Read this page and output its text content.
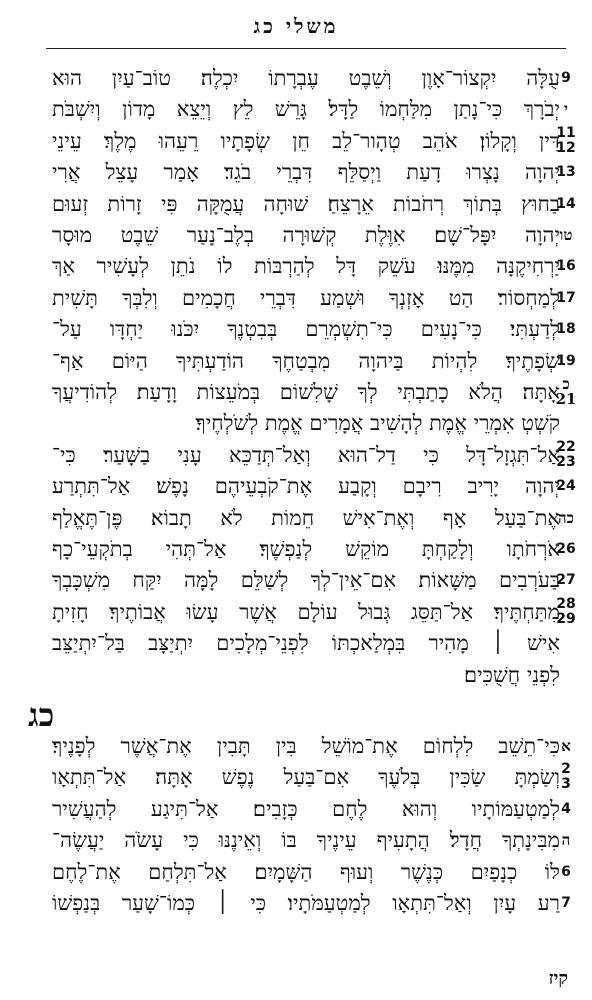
משלי כג
עֻלָּה יִקְצוֹר־אָוֶן וְשֵׁבֶט עֶבְרָתוֹ יִכְלֶה׃ טוֹב־עַיִן הוּא 9
יְבֹרָךְ כִּי־נָתַן מִלַּחְמוֹ לַדָּל׃ גָּרֵשׁ לֵץ וְיֵצֵא מָדוֹן וְיִשְׁבֹּת י
דִּין וְקָלוֹן׃ אֹהֵב טְהָור־לֵב חֵן שְׂפָתָיו רֵעֵהוּ מֶלֶךְ׃ עֵינֵי
11
12
יְהוָה נָצְרוּ דָעַת וַיְסַלֵּף דִּבְרֵי בֹגֵד׃ אָמַר עָצֵל אֲרִי
13
בַחוּץ בְּתוֹךְ רְחֹבוֹת אֵרָצֵחַ׃ שׁוּחָה עֲמֻקָּה פִּי זָרוֹת זְעוּם
14
יְהוָה יִפָּל־שָׁם׃ אִוֶּלֶת קְשׁוּרָה בְלֶב־נָעַר שֵׁבֶט מוּסָר טו
יַרְחִיקֶנָּה מִמֶּנּוּ׃ עֹשֵׁק דָּל לְהַרְבּוֹת לוֹ נֹתֵן לְעָשִׁיר אַךְ
16
לְמַחְסוֹר׃ הַט אָזְנְךָ וּשְׁמַע דִּבְרֵי חֲכָמִים וְלִבְּךָ תָּשִׁית
17
לְדַעְתִּי׃ כִּי־נָעִים כִּי־תִשְׁמְרֵם בְּבִטְנֶךָ יִכֹּנוּ יַחְדָּו עַל־
18
שְׂפָתֶיךָ׃ לִהְיוֹת בַּיהוָה מִבְטַחֶךָ הוֹדַעְתִּיךָ הַיּוֹם אַף־
19
אָתָּה׃ הֲלֹא כָתַבְתִּי לְךָ שָׁלִשׁוֹם בְּמֹעֵצוֹת וָדָעַת׃ לְהוֹדִיעֲךָ כ
21
קֹשְׁטְ אִמְרֵי אֱמֶת לְהָשִׁיב אֲמָרִים אֱמֶת לְשֹׁלְחֶיךָ׃
אַל־תִּגְזָל־דָּל כִּי דַל־הוּא וְאַל־תְּדַכֵּא עָנִי בַשָּׁעַר׃ כִּי־
22
23
יְהוָה יָרִיב רִיבָם וְקָבַע אֶת־קֹבְעֵיהֶם נָפֶשׁ׃ אַל־תִּתְרַע
24
אֶת־בַּעַל אָף וְאֶת־אִישׁ חֵמוֹת לֹא תָבוֹא׃ פֶּן־תֶּאֱלַף
כה
אֹרְחֹתָו וְלָקַחְתָּ מוֹקֵשׁ לְנַפְשֶׁךָ׃ אַל־תְּהִי בְתֹקְעֵי־כָף
26
בַּעֹרְבִים מַשָּׁאוֹת׃ אִם־אֵין־לְךָ לְשַׁלֵּם לָמָּה יִקַּח מִשְׁכָּבְךָ
27
מִתַּחְתֶּיךָ׃ אַל־תַּסֵּג גְּבוּל עוֹלָם אֲשֶׁר עָשׂוּ אֲבוֹתֶיךָ׃ חָזִיתָ
28
29
אִישׁ ׀ מָהִיר בִּמְלַאכְתּוֹ לִפְנֵי־מְלָכִים יִתְיַצָּב בַּל־יִתְיַצֵּב
לִפְנֵי חֲשֻׁכִּים׃
כג
כִּי־תֵשֵׁב לִלְחוֹם אֶת־מוֹשֵׁל בִּין תָּבִין אֶת־אֲשֶׁר לְפָנֶיךָ׃ א
וְשַׂמְתָּ שַׂכִּין בְּלֹעֶךָ אִם־בַּעַל נֶפֶשׁ אָתָּה׃ אַל־תִּתְאָו 2
3
לְמַטְעַמּוֹתָיו וְהוּא לֶחֶם כְּזָבִים׃ אַל־תִּיגַע לְהַעֲשִׁיר 4
מִבִּינָתְךָ חֲדָל׃ הֲתָעִיף עֵינֶיךָ בּוֹ וְאֵינֶנּוּ כִּי עָשֹׂה יַעֲשֶׂה־ ה
לּוֹ כְנָפַיִם כְּנֶשֶׁר וְעוּף הַשָּׁמָיִם׃ אַל־תִּלְחַם אֶת־לֶחֶם 6
רַע עָיִן וְאַל־תִּתְאָו לְמַטְעַמֹּתָיו׃ כִּי ׀ כְּמוֹ־שָׁעַר בְּנַפְשׁוֹ 7
קיז
